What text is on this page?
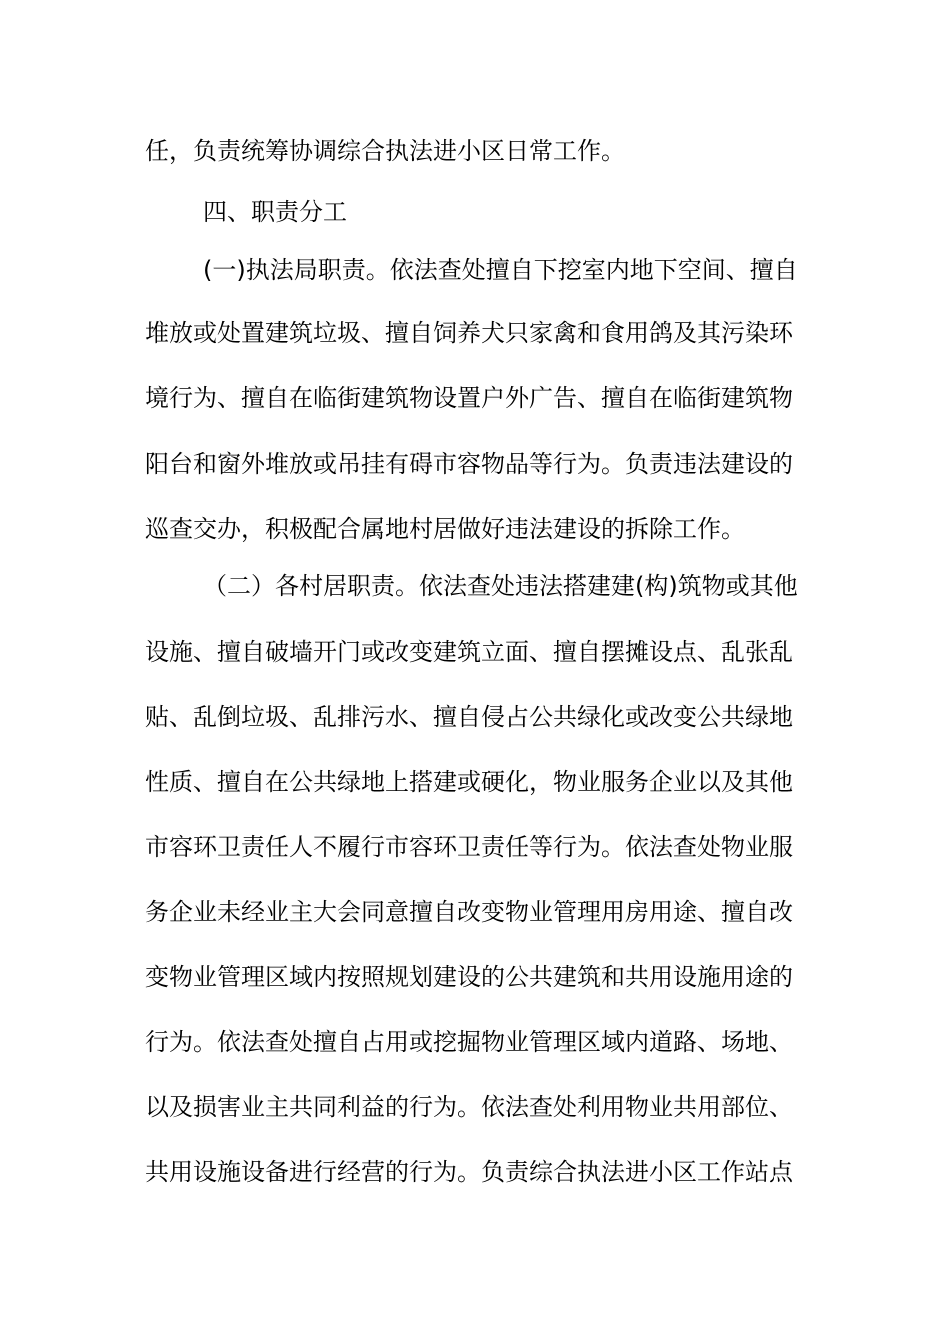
任，负责统筹协调综合执法进小区日常工作。
四、职责分工
(一)执法局职责。依法查处擅自下挖室内地下空间、擅自
堆放或处置建筑垃圾、擅自饲养犬只家禽和食用鸽及其污染环
境行为、擅自在临街建筑物设置户外广告、擅自在临街建筑物
阳台和窗外堆放或吊挂有碍市容物品等行为。负责违法建设的
巡查交办，积极配合属地村居做好违法建设的拆除工作。
（二）各村居职责。依法查处违法搭建建(构)筑物或其他
设施、擅自破墙开门或改变建筑立面、擅自摆摊设点、乱张乱
贴、乱倒垃圾、乱排污水、擅自侵占公共绿化或改变公共绿地
性质、擅自在公共绿地上搭建或硬化，物业服务企业以及其他
市容环卫责任人不履行市容环卫责任等行为。依法查处物业服
务企业未经业主大会同意擅自改变物业管理用房用途、擅自改
变物业管理区域内按照规划建设的公共建筑和共用设施用途的
行为。依法查处擅自占用或挖掘物业管理区域内道路、场地、
以及损害业主共同利益的行为。依法查处利用物业共用部位、
共用设施设备进行经营的行为。负责综合执法进小区工作站点
